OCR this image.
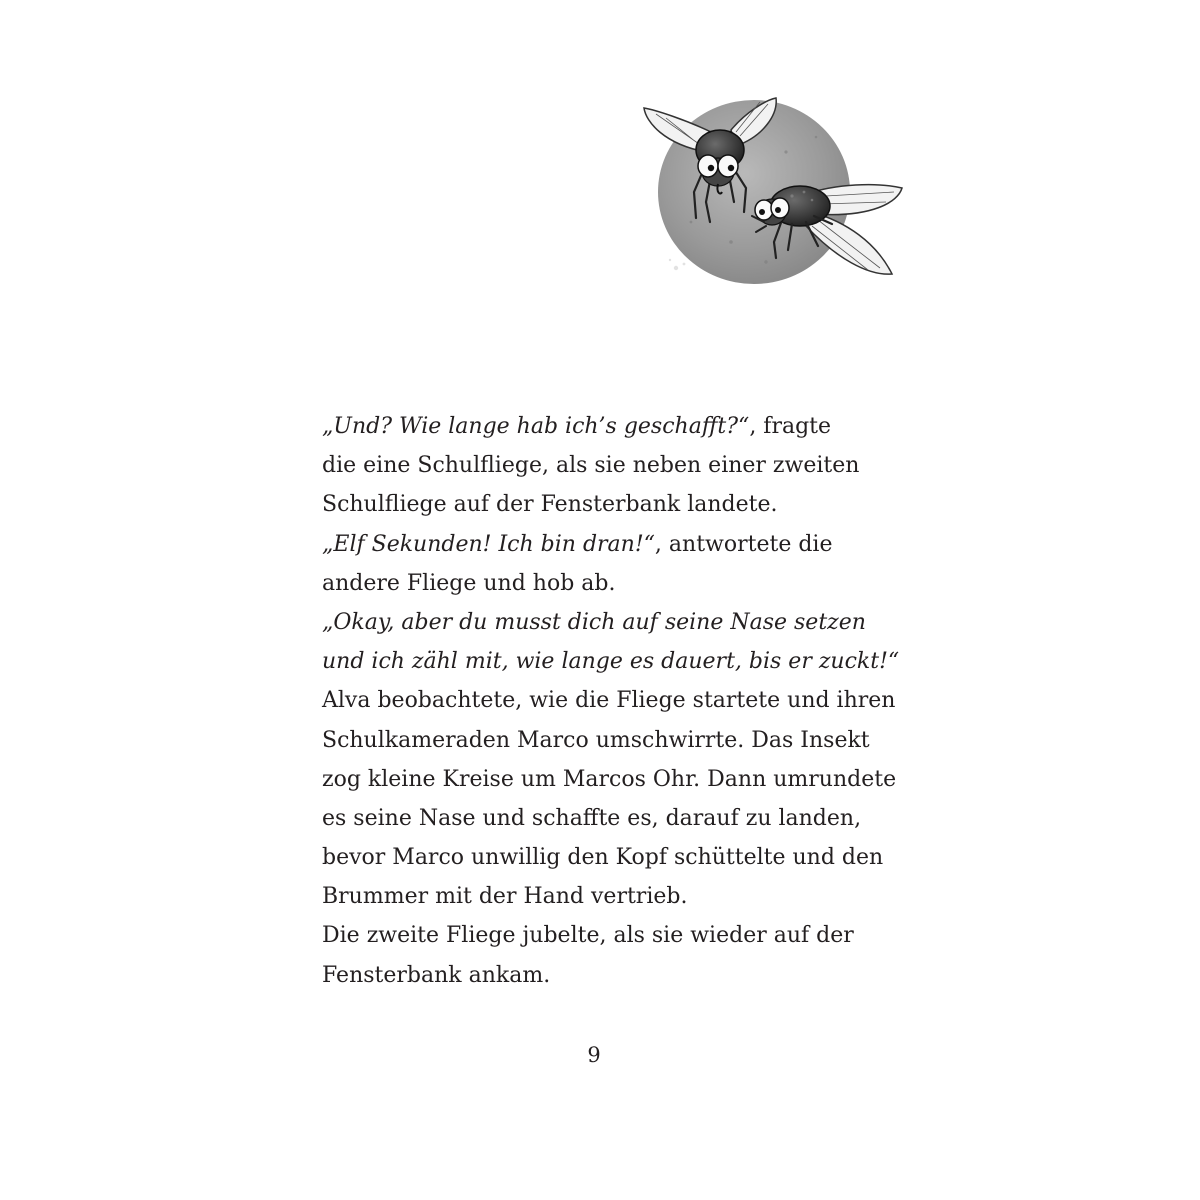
„Und? Wie lange hab ich’s geschafft?“, fragte
die eine Schulfliege, als sie neben einer zweiten
Schulfliege auf der Fensterbank landete.
„Elf Sekunden! Ich bin dran!“, antwortete die
andere Fliege und hob ab.
„Okay, aber du musst dich auf seine Nase setzen
und ich zähl mit, wie lange es dauert, bis er zuckt!“
Alva beobachtete, wie die Fliege startete und ihren
Schulkameraden Marco umschwirrte. Das Insekt
zog kleine Kreise um Marcos Ohr. Dann umrundete
es seine Nase und schaffte es, darauf zu landen,
bevor Marco unwillig den Kopf schüttelte und den
Brummer mit der Hand vertrieb.
Die zweite Fliege jubelte, als sie wieder auf der
Fensterbank ankam.
9
